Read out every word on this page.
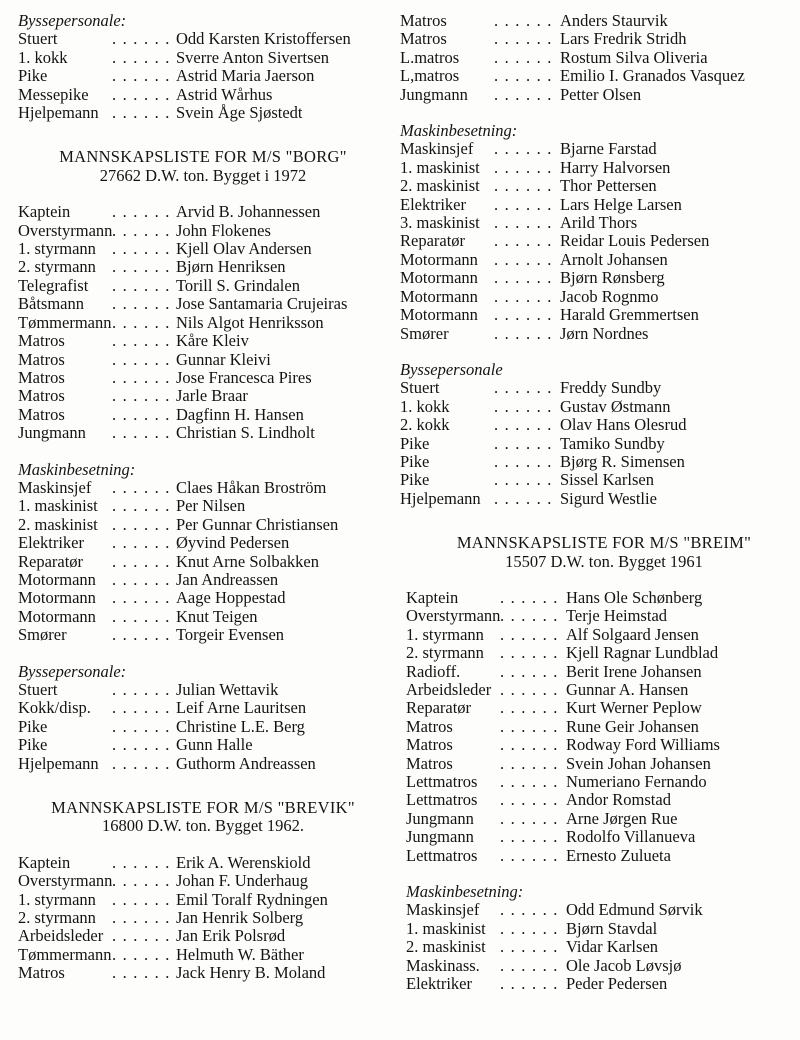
Byssepersonale:

Stuert . . .	Odd Karsten Kristoffersen
1. kokk . . .	Sverre Anton Sivertsen
Pike . . .	Astrid Maria Jaerson
Messepike . . .	Astrid Wårhus
Hjelpemann . . .	Svein Åge Sjøstedt

MANNSKAPSLISTE FOR M/S "BORG"

27662 D.W. ton. Bygget i 1972

Kaptein . . .	Arvid B. Johannessen
Overstyrmann . . .	John Flokenes
1. styrmann . . .	Kjell Olav Andersen
2. styrmann . . .	Bjørn Henriksen
Telegrafist . . .	Torill S. Grindalen
Båtsmann . . .	Jose Santamaria Crujeiras
Tømmermann . . .	Nils Algot Henriksson
Matros . . .	Kåre Kleiv
Matros . . .	Gunnar Kleivi
Matros . . .	Jose Francesca Pires
Matros . . .	Jarle Braar
Matros . . .	Dagfinn H. Hansen
Jungmann . . .	Christian S. Lindholt

Maskinbesetning:

Maskinsjef . . .	Claes Håkan Broström
1. maskinist . . .	Per Nilsen
2. maskinist . . .	Per Gunnar Christiansen
Elektriker . . .	Øyvind Pedersen
Reparatør . . .	Knut Arne Solbakken
Motormann . . .	Jan Andreassen
Motormann . . .	Aage Hoppestad
Motormann . . .	Knut Teigen
Smører . . .	Torgeir Evensen

Byssepersonale:

Stuert . . .	Julian Wettavik
Kokk/disp. . . .	Leif Arne Lauritsen
Pike . . .	Christine L.E. Berg
Pike . . .	Gunn Halle
Hjelpemann . . .	Guthorm Andreassen

MANNSKAPSLISTE FOR M/S "BREVIK"

16800 D.W. ton. Bygget 1962.

Kaptein . . .	Erik A. Werenskiold
Overstyrmann . . .	Johan F. Underhaug
1. styrmann . . .	Emil Toralf Rydningen
2. styrmann . . .	Jan Henrik Solberg
Arbeidsleder . . .	Jan Erik Polsrød
Tømmermann . . .	Helmuth W. Bäther
Matros . . .	Jack Henry B. Moland
Matros . . .	Anders Staurvik
Matros . . .	Lars Fredrik Stridh
L.matros . . .	Rostum Silva Oliveria
L,matros . . .	Emilio I. Granados Vasquez
Jungmann . . .	Petter Olsen

Maskinbesetning:

Maskinsjef . . .	Bjarne Farstad
1. maskinist . . .	Harry Halvorsen
2. maskinist . . .	Thor Pettersen
Elektriker . . .	Lars Helge Larsen
3. maskinist . . .	Arild Thors
Reparatør . . .	Reidar Louis Pedersen
Motormann . . .	Arnolt Johansen
Motormann . . .	Bjørn Rønsberg
Motormann . . .	Jacob Rognmo
Motormann . . .	Harald Gremmertsen
Smører . . .	Jørn Nordnes

Byssepersonale

Stuert . . .	Freddy Sundby
1. kokk . . .	Gustav Østmann
2. kokk . . .	Olav Hans Olesrud
Pike . . .	Tamiko Sundby
Pike . . .	Bjørg R. Simensen
Pike . . .	Sissel Karlsen
Hjelpemann . . .	Sigurd Westlie

MANNSKAPSLISTE FOR M/S "BREIM"

15507 D.W. ton. Bygget 1961

Kaptein . . .	Hans Ole Schønberg
Overstyrmann . . .	Terje Heimstad
1. styrmann . . .	Alf Solgaard Jensen
2. styrmann . . .	Kjell Ragnar Lundblad
Radioff. . . .	Berit Irene Johansen
Arbeidsleder . . .	Gunnar A. Hansen
Reparatør . . .	Kurt Werner Peplow
Matros . . .	Rune Geir Johansen
Matros . . .	Rodway Ford Williams
Matros . . .	Svein Johan Johansen
Lettmatros . . .	Numeriano Fernando
Lettmatros . . .	Andor Romstad
Jungmann . . .	Arne Jørgen Rue
Jungmann . . .	Rodolfo Villanueva
Lettmatros . . .	Ernesto Zulueta

Maskinbesetning:

Maskinsjef . . .	Odd Edmund Sørvik
1. maskinist . . .	Bjørn Stavdal
2. maskinist . . .	Vidar Karlsen
Maskinass. . . .	Ole Jacob Løvsjø
Elektriker . . .	Peder Pedersen
